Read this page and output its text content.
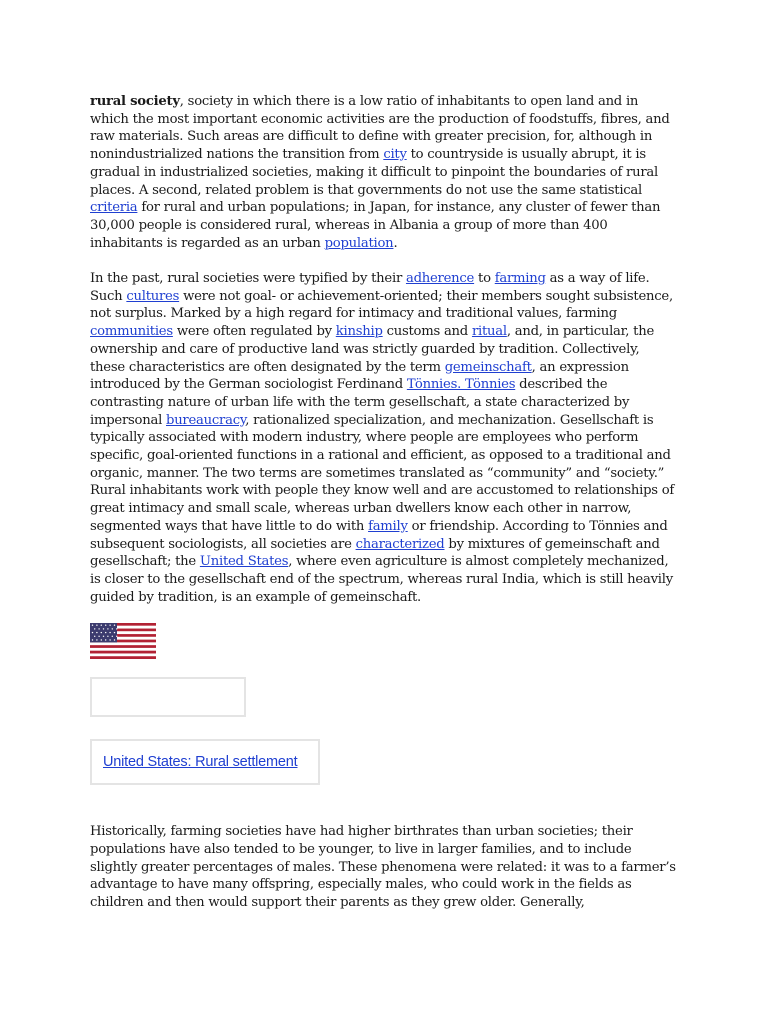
rural society, society in which there is a low ratio of inhabitants to open land and in which the most important economic activities are the production of foodstuffs, fibres, and raw materials. Such areas are difficult to define with greater precision, for, although in nonindustrialized nations the transition from city to countryside is usually abrupt, it is gradual in industrialized societies, making it difficult to pinpoint the boundaries of rural places. A second, related problem is that governments do not use the same statistical criteria for rural and urban populations; in Japan, for instance, any cluster of fewer than 30,000 people is considered rural, whereas in Albania a group of more than 400 inhabitants is regarded as an urban population.

In the past, rural societies were typified by their adherence to farming as a way of life. Such cultures were not goal- or achievement-oriented; their members sought subsistence, not surplus. Marked by a high regard for intimacy and traditional values, farming communities were often regulated by kinship customs and ritual, and, in particular, the ownership and care of productive land was strictly guarded by tradition. Collectively, these characteristics are often designated by the term gemeinschaft, an expression introduced by the German sociologist Ferdinand Tönnies. Tönnies described the contrasting nature of urban life with the term gesellschaft, a state characterized by impersonal bureaucracy, rationalized specialization, and mechanization. Gesellschaft is typically associated with modern industry, where people are employees who perform specific, goal-oriented functions in a rational and efficient, as opposed to a traditional and organic, manner. The two terms are sometimes translated as “community” and “society.” Rural inhabitants work with people they know well and are accustomed to relationships of great intimacy and small scale, whereas urban dwellers know each other in narrow, segmented ways that have little to do with family or friendship. According to Tönnies and subsequent sociologists, all societies are characterized by mixtures of gemeinschaft and gesellschaft; the United States, where even agriculture is almost completely mechanized, is closer to the gesellschaft end of the spectrum, whereas rural India, which is still heavily guided by tradition, is an example of gemeinschaft.

United States: Rural settlement

Historically, farming societies have had higher birthrates than urban societies; their populations have also tended to be younger, to live in larger families, and to include slightly greater percentages of males. These phenomena were related: it was to a farmer’s advantage to have many offspring, especially males, who could work in the fields as children and then would support their parents as they grew older. Generally,
